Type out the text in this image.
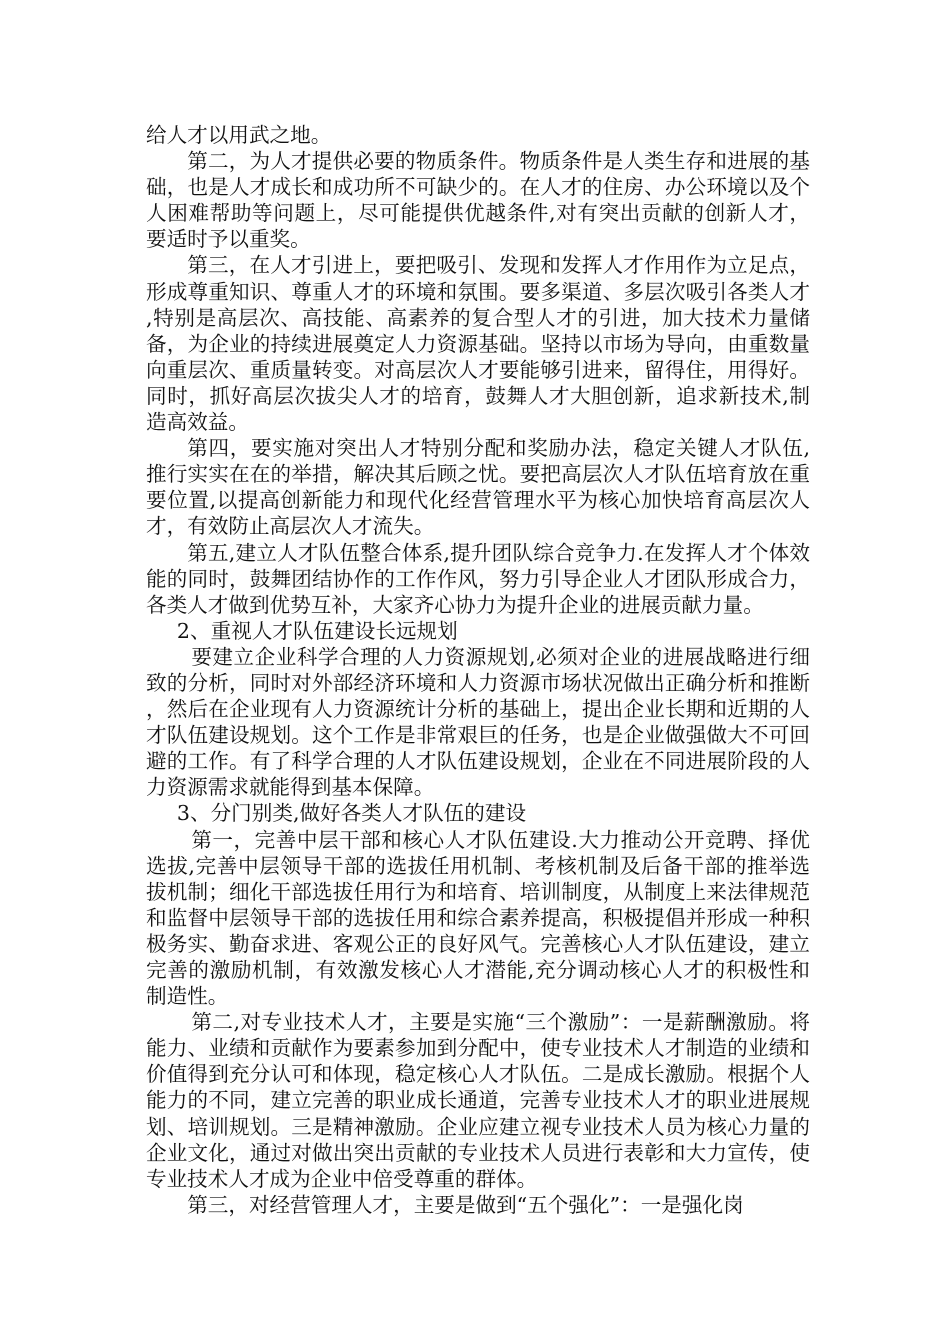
给人才以用武之地。

第二，为人才提供必要的物质条件。物质条件是人类生存和进展的基础，也是人才成长和成功所不可缺少的。在人才的住房、办公环境以及个人困难帮助等问题上，尽可能提供优越条件,对有突出贡献的创新人才，要适时予以重奖。

第三，在人才引进上，要把吸引、发现和发挥人才作用作为立足点，形成尊重知识、尊重人才的环境和氛围。要多渠道、多层次吸引各类人才,特别是高层次、高技能、高素养的复合型人才的引进，加大技术力量储备，为企业的持续进展奠定人力资源基础。坚持以市场为导向，由重数量向重层次、重质量转变。对高层次人才要能够引进来，留得住，用得好。同时，抓好高层次拔尖人才的培育，鼓舞人才大胆创新，追求新技术,制造高效益。

第四，要实施对突出人才特别分配和奖励办法，稳定关键人才队伍,推行实实在在的举措，解决其后顾之忧。要把高层次人才队伍培育放在重要位置,以提高创新能力和现代化经营管理水平为核心加快培育高层次人才，有效防止高层次人才流失。

第五,建立人才队伍整合体系,提升团队综合竞争力.在发挥人才个体效能的同时，鼓舞团结协作的工作作风，努力引导企业人才团队形成合力，各类人才做到优势互补，大家齐心协力为提升企业的进展贡献力量。

2、重视人才队伍建设长远规划

要建立企业科学合理的人力资源规划,必须对企业的进展战略进行细致的分析，同时对外部经济环境和人力资源市场状况做出正确分析和推断，然后在企业现有人力资源统计分析的基础上，提出企业长期和近期的人才队伍建设规划。这个工作是非常艰巨的任务，也是企业做强做大不可回避的工作。有了科学合理的人才队伍建设规划，企业在不同进展阶段的人力资源需求就能得到基本保障。

3、分门别类,做好各类人才队伍的建设

第一，完善中层干部和核心人才队伍建设.大力推动公开竞聘、择优选拔,完善中层领导干部的选拔任用机制、考核机制及后备干部的推举选拔机制；细化干部选拔任用行为和培育、培训制度，从制度上来法律规范和监督中层领导干部的选拔任用和综合素养提高，积极提倡并形成一种积极务实、勤奋求进、客观公正的良好风气。完善核心人才队伍建设，建立完善的激励机制，有效激发核心人才潜能,充分调动核心人才的积极性和制造性。

第二,对专业技术人才，主要是实施“三个激励”：一是薪酬激励。将能力、业绩和贡献作为要素参加到分配中，使专业技术人才制造的业绩和价值得到充分认可和体现，稳定核心人才队伍。二是成长激励。根据个人能力的不同，建立完善的职业成长通道，完善专业技术人才的职业进展规划、培训规划。三是精神激励。企业应建立视专业技术人员为核心力量的企业文化，通过对做出突出贡献的专业技术人员进行表彰和大力宣传，使专业技术人才成为企业中倍受尊重的群体。

第三，对经营管理人才，主要是做到“五个强化”：一是强化岗
